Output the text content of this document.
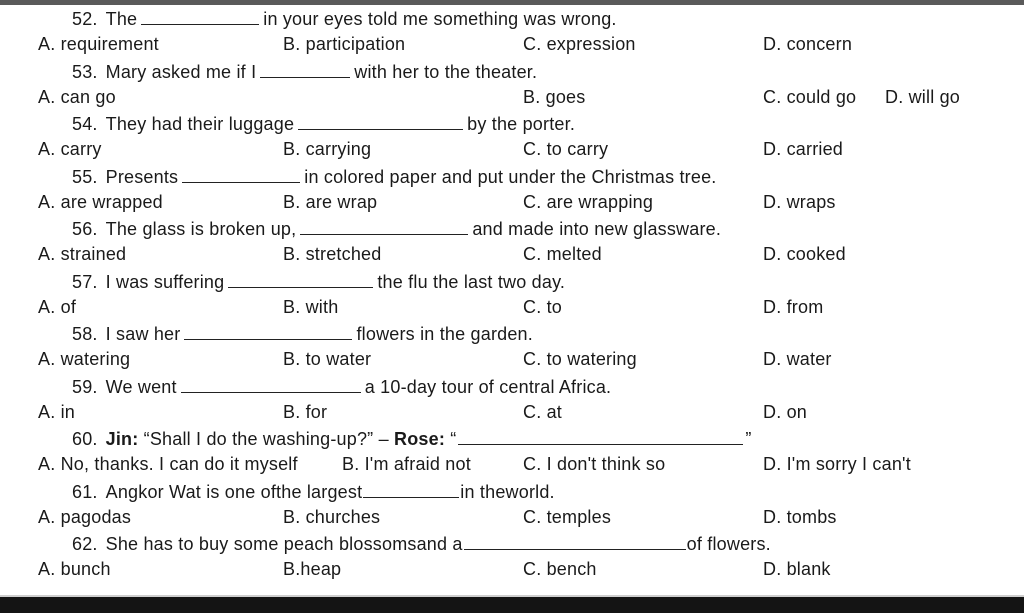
52. The	in your eyes told me something was wrong.
A. requirement	B. participation	C. expression	D. concern
53. Mary asked me if I	with her to the theater.
A. can go	B. goes	C. could go D. will go
54. They had their luggage	by the porter.
A. carry	B. carrying	C. to carry	D. carried
55. Presents	in colored paper and put under the Christmas tree.
A. are wrapped	B. are wrap	C. are wrapping	D. wraps
56. The glass is broken up,	and made into new glassware.
A. strained	B. stretched	C. melted	D. cooked
57. I was suffering	the flu the last two day.
A. of	B. with	C. to	D. from
58. I saw her	flowers in the garden.
A. watering	B. to water	C. to watering	D. water
59. We went	a 10-day tour of central Africa.
A. in	B. for	C. at	D. on
60. Jin: “Shall I do the washing-up?” – Rose: “	”
A. No, thanks. I can do it myself B. I'm afraid not	C. I don't think so	D. I'm sorry I can't
61. Angkor Wat is one ofthe largest	in theworld.
A. pagodas	B. churches	C. temples	D. tombs
62. She has to buy some peach blossomsand a	of flowers.
A. bunch	B.heap	C. bench	D. blank
